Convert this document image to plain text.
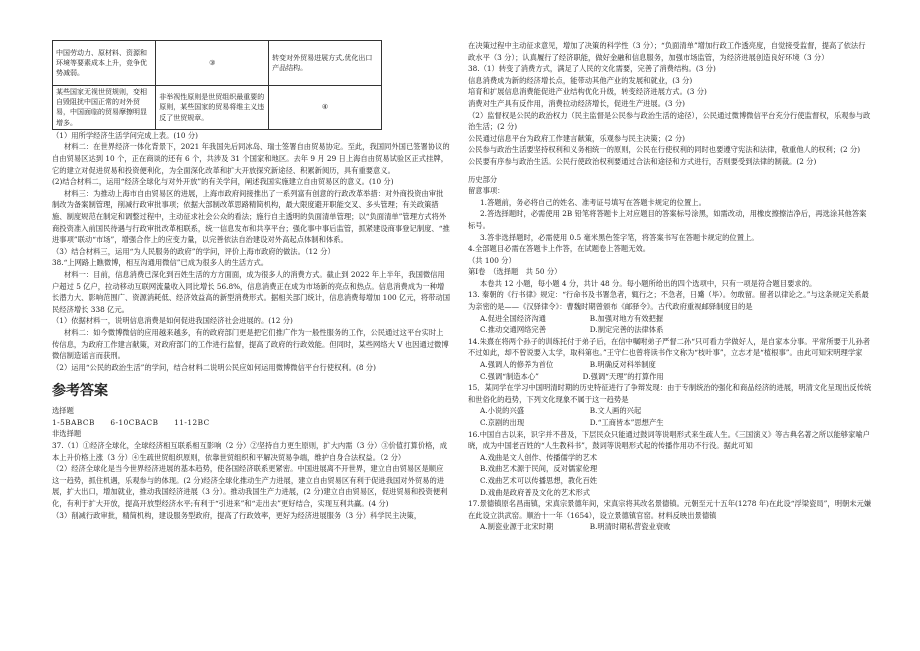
中国劳动力、原材料、资源和环境等要素成本上升，竞争优势减弱。	③	转变对外贸易进展方式,优化出口产品结构。
某些国家无视世贸规则，变相自毁阻扰中国正常的对外贸易，中国面临的贸易摩擦明显增多。	非举视性原则是世贸组织最重要的原则，某些国家的贸易将维主义违反了世贸规章。	④

（1）用所学经济生活学问完成上表。(10 分)

材料二：在世界经济一体化背景下，2021 年我国先后同冰岛、瑞士签署自由贸易协定。至此，我国同外国已签署协议的自由贸易区达到 10 个，正在商谈的还有 6 个，共涉及 31 个国家和地区。去年 9 月 29 日上海自由贸易试验区正式挂牌，它的建立对促进贸易和投资便利化，为全面深化改革和扩大开放探究新途径、积累新阅历，具有重要意义。

(2)结合材料二，运用“经济全球化与对外开放”的有关学问，阐述我国实施建立自由贸易区的意义。(10 分)

材料三：为推动上海市自由贸易区的进展，上海市政府间接推出了一系列富有创意的行政改革举措：对外商投资由审批制改为备案制管理，削减行政审批事项；依据大部制改革思路精简机构，最大限度避开职能交叉、多头管理；有关政策措施、制度规范在制定和调整过程中，主动征求社会公众的看法；施行自主透明的负面清单管理；以“负面清单”管理方式将外商投资准入前国民待遇与行政审批改革相联系，统一信息发布和共享平台；强化事中事后监管，抓紧建设商事登记制度、“推进事项”联动“市场”，增强合作上的应变力量，以完善依法自治建设对外高起点体制和体系。

（3）结合材料三，运用“为人民服务的政府”的学问，评价上海市政府的做法。（12 分）

38.“上网路上瞧微博，相互沟通用微信”已成为很多人的生活方式。

材料一：目前，信息消费已深化到百姓生活的方方面面，成为很多人的消费方式。截止到 2022 年上半年，我国微信用户超过 5 亿户，拉动移动互联网流量收入同比增长 56.8%，信息消费正在成为市场新的亮点和热点。信息消费成为一种增长潜力大、影响范围广、资源消耗低、经济效益高的新型消费形式。据相关部门统计，信息消费每增加 100 亿元，将带动国民经济增长 338 亿元。

（1）依据材料一，说明信息消费是如何促进我国经济社会进展的。(12 分)

材料二：如今微博微信的应用越来越多，有的政府部门更是把它们推广作为一般性服务的工作，公民通过这平台实时上传信息，为政府工作建言献策，对政府部门的工作进行监督，提高了政府的行政效能。但同时，某些网络大 V 也因通过微博微信制造谣言而获刑。

（2）运用“公民的政治生活”的学问，结合材料二说明公民应如何运用微博微信平台行使权利。(8 分)

参考答案

选择题

1-5BABCB　　6-10CBACB　　11-12BC

非选择题

37.（1）①经济全球化，全球经济相互联系相互影响（2 分）②坚持自力更生原则，扩大内需（3 分）③价值打算价格，成本上升价格上涨（3 分）④生疏世贸组织原则，依靠世贸组织和平解决贸易争端，维护自身合法权益。（2 分）

（2）经济全球化是当今世界经济进展的基本趋势，使各国经济联系更紧密。中国进展离不开世界，建立自由贸易区是顺应这一趋势，抓住机遇，乐观参与的体现。(2 分)经济全球化推动生产力进展，建立自由贸易区有利于促进我国对外贸易的进展，扩大出口，增加就业，推动我国经济进展（3 分）。推动我国生产力进展，(2 分)建立自由贸易区，促进贸易和投资便利化，有利于扩大开放，提高开放型经济水平;有利于“引进来”和“走出去”更好结合，实现互利共赢。(4 分)

（3）削减行政审批，精简机构，建设服务型政府，提高了行政效率，更好为经济进展服务（3 分）科学民主决策，

在决策过程中主动征求意见，增加了决策的科学性（3 分）；“负面清单”增加行政工作透亮度，自觉接受监督，提高了依法行政水平（3 分）；认真履行了经济职能，做好金融和信息服务，加强市场监管，为经济进展创造良好环境（3 分）

38.（1）转变了消费方式，满足了人民的文化需要，完善了消费结构。(3 分)

信息消费成为新的经济增长点，能带动其他产业的发展和就业，(3 分)

培育和扩展信息消费能促进产业结构优化升级，转变经济进展方式。(3 分)

消费对生产具有反作用，消费拉动经济增长，促进生产进展。(3 分)

（2）监督权是公民的政治权力（民主监督是公民参与政治生活的途径），公民通过微博微信平台充分行使监督权，乐观参与政治生活；(2 分)

公民通过信息平台为政府工作建言献策，乐观参与民主决策；(2 分)

公民参与政治生活要坚持权利和义务相统一的原则，公民在行使权利的同时也要遵守宪法和法律，敬重他人的权利；(2 分)

公民要有序参与政治生活。公民行使政治权利要通过合法和途径和方式进行，否则要受到法律的制裁。(2 分)

历史部分

留意事项：

1.答题前，务必将自己的姓名、准考证号填写在答题卡规定的位置上。

2.答选择题时，必需使用 2B 铅笔将答题卡上对应题目的答案标号涂黑，如需改动，用橡皮擦擦洁净后，再选涂其他答案标号。

3.答非选择题时，必需使用 0.5 毫米黑色签字笔，将答案书写在答题卡规定的位置上。

4.全部题目必需在答题卡上作答，在试题卷上答题无效。

（共 100 分）

第Ⅰ卷　（选择题　共 50 分）

本卷共 12 小题，每小题 4 分，共计 48 分。每小题所给出的四个选项中，只有一项是符合题目要求的。

13. 秦朝的《行书律》规定：“行命书及书署急者，辄行之；不急者，日觱（毕）。勿敢留。留者以律论之。”与这条规定关系最为亲密的是——《汉驿律令》：曹魏时期曾颁布《邮驿令》。古代政府重视邮驿制度目的是

A.促进全国经济沟通　　　　　　B.加强对地方有效把握

C.推动交通网络完善　　　　　　D.制定完善的法律体系

14.朱熹在将两个孙子的训练托付于弟子后，在信中嘱咐弟子严督二孙“只可看力学做好人，是自家本分事。平常所要于儿孙者不过如此，却不曾说要入太学，取科第也。”王守仁也曾将读书作文称为“枝叶事”，立志才是“植根事”。由此可知宋明理学家

A.强调人的修养为首位　　　　　B.明确反对科举制度

C.强调“制造本心”　　　　　　D.强调“天理”的打算作用

15．某同学在学习中国明清时期的历史特征进行了争辩发现：由于专制统治的强化和商品经济的进展，明清文化呈现出反传统和世俗化的趋势，下列文化现象不属于这一趋势是

A.小说的兴盛　　　　　　　　　B.文人画的兴起

C.京剧的出现　　　　　　　　　D.“工商皆本”思想产生

16.中国自古以来，识字并不普及，下层民众只能通过鼓词等说唱形式来生疏人生。《三国演义》等古典名著之所以能够家喻户晓，成为中国老百姓的“人生教科书”，鼓词等说唱形式起的传播作用功不行没。据此可知

A.戏曲是文人创作、传播儒学的艺术

B.戏曲艺术源于民间，反对儒家伦理

C.戏曲艺术可以传播思想，教化百姓

D.戏曲是政府普及文化的艺术形式

17.景德镇原名昌南镇，宋真宗景德年间，宋真宗将其改名景德镇。元朝至元十五年(1278 年)在此设“浮梁瓷局”，明朝未元嫌在此设立洪武窑。顺治十一年（1654），设立景德镇官窑。材料反映出景德镇

A.制瓷业源于北宋时期　　　　　B.明清时期私营瓷业衰败
